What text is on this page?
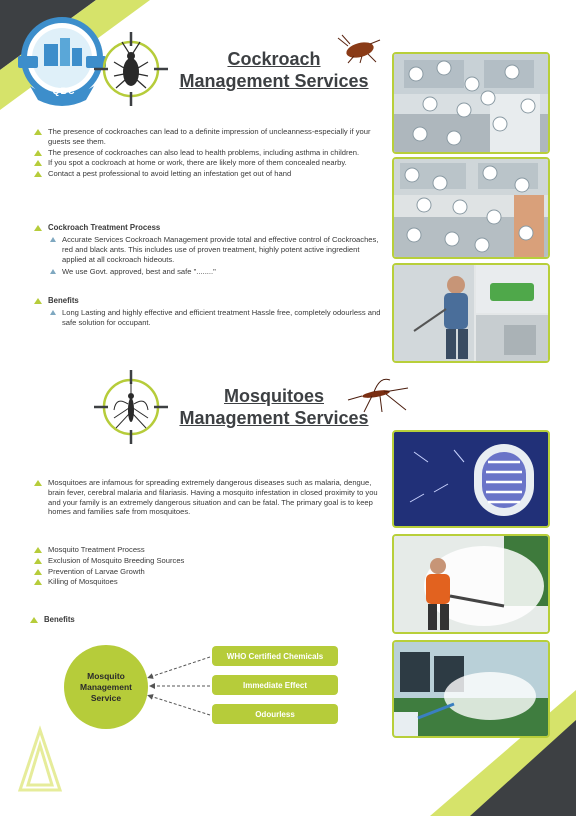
QBC
Cockroach
Management Services
The presence of cockroaches can lead to a definite impression of uncleanness-especially if your guests see them.
The presence of cockroaches can also lead to health problems, including asthma in children.
If you spot a cockroach at home or work, there are likely more of them concealed nearby.
Contact a pest professional to avoid letting an infestation get out of hand
Cockroach Treatment Process
Accurate Services Cockroach Management provide total and effective control of Cockroaches, red and black ants. This includes use of proven treatment, highly potent active ingredient applied at all cockroach hideouts.
We use Govt. approved, best and safe "........"
Benefits
Long Lasting and highly effective and efficient treatment Hassle free, completely odourless and safe solution for occupant.
Mosquitoes
Management Services
Mosquitoes are infamous for spreading extremely dangerous diseases such as malaria, dengue, brain fever, cerebral malaria and filariasis. Having a mosquito infestation in closed proximity to you and your family is an extremely dangerous situation and can be fatal. The primary goal is to keep homes and families safe from mosquitoes.
Mosquito Treatment Process
Exclusion of Mosquito Breeding Sources
Prevention of Larvae Growth
Killing of Mosquitoes
Benefits
Mosquito Management Service
WHO Certified Chemicals
Immediate Effect
Odourless
